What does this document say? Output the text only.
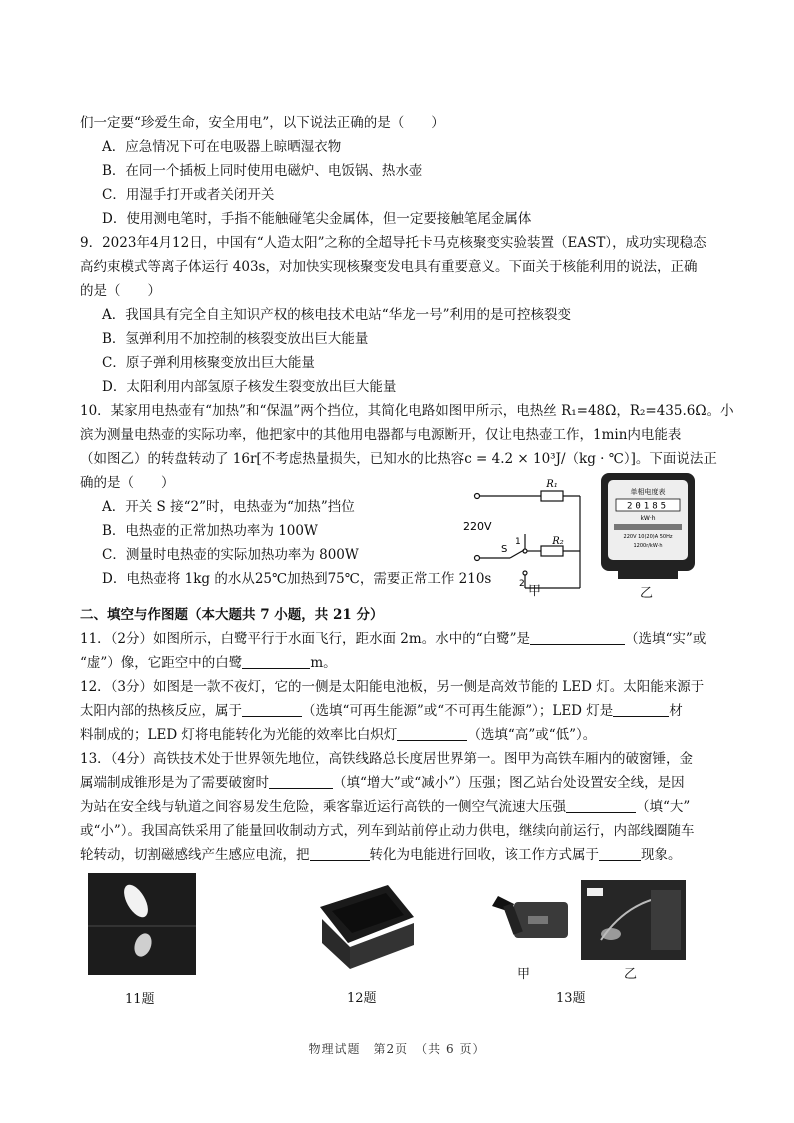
们一定要“珍爱生命，安全用电”，以下说法正确的是（　　）
A．应急情况下可在电吸器上晾晒湿衣物
B．在同一个插板上同时使用电磁炉、电饭锅、热水壶
C．用湿手打开或者关闭开关
D．使用测电笔时，手指不能触碰笔尖金属体，但一定要接触笔尾金属体
9．2023年4月12日，中国有“人造太阳”之称的全超导托卡马克核聚变实验装置（EAST），成功实现稳态
高约束模式等离子体运行 403s，对加快实现核聚变发电具有重要意义。下面关于核能利用的说法，正确
的是（　　）
A．我国具有完全自主知识产权的核电技术电站“华龙一号”利用的是可控核裂变
B．氢弹利用不加控制的核裂变放出巨大能量
C．原子弹利用核聚变放出巨大能量
D．太阳利用内部氢原子核发生裂变放出巨大能量
10．某家用电热壶有“加热”和“保温”两个挡位，其简化电路如图甲所示，电热丝 R₁=48Ω，R₂=435.6Ω。小
滨为测量电热壶的实际功率，他把家中的其他用电器都与电源断开，仅让电热壶工作，1min内电能表
（如图乙）的转盘转动了 16r[不考虑热量损失，已知水的比热容c = 4.2 × 10³J/（kg · ℃）]。下面说法正
确的是（　　）
A．开关 S 接“2”时，电热壶为“加热”挡位
B．电热壶的正常加热功率为 100W
C．测量时电热壶的实际加热功率为 800W
D．电热壶将 1kg 的水从25℃加热到75℃，需要正常工作 210s
R₁
R₂
220V
S
1
2 甲
单相电度表
20185
kW·h
220V 10(20)A 50Hz
1200r/kW·h
乙
二、填空与作图题（本大题共 7 小题，共 21 分）
11．（2分）如图所示，白鹭平行于水面飞行，距水面 2m。水中的“白鹭”是	（选填“实”或
“虚”）像，它距空中的白鹭	m。
12．（3分）如图是一款不夜灯，它的一侧是太阳能电池板，另一侧是高效节能的 LED 灯。太阳能来源于
太阳内部的热核反应，属于	（选填“可再生能源”或“不可再生能源”）；LED 灯是	材
料制成的；LED 灯将电能转化为光能的效率比白炽灯	（选填“高”或“低”）。
13．（4分）高铁技术处于世界领先地位，高铁线路总长度居世界第一。图甲为高铁车厢内的破窗锤，金
属端制成锥形是为了需要破窗时	（填“增大”或“减小”）压强；图乙站台处设置安全线，是因
为站在安全线与轨道之间容易发生危险，乘客靠近运行高铁的一侧空气流速大压强	（填“大”
或“小”）。我国高铁采用了能量回收制动方式，列车到站前停止动力供电，继续向前运行，内部线圈随车
轮转动，切割磁感线产生感应电流，把	转化为电能进行回收，该工作方式属于	现象。
11题	12题
甲	乙
13题
物理试题　第2页　（共 6 页）
